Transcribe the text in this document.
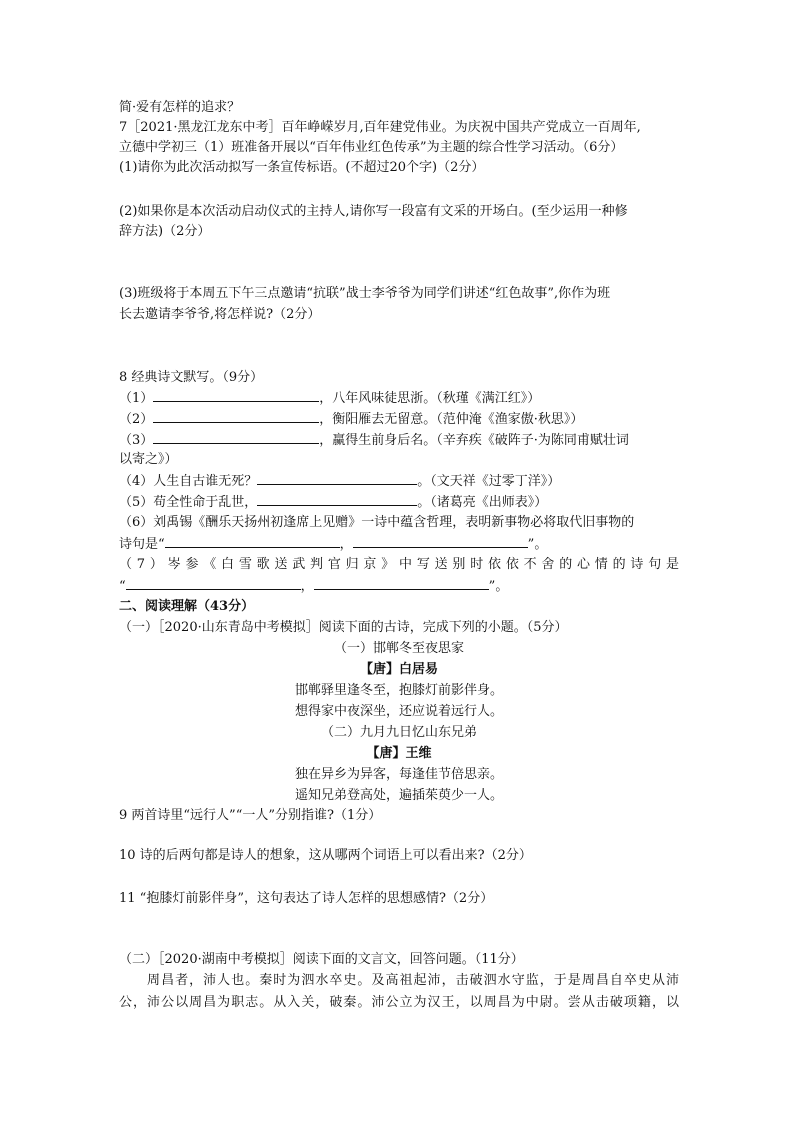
简·爱有怎样的追求？
7［2021·黑龙江龙东中考］百年峥嵘岁月,百年建党伟业。为庆祝中国共产党成立一百周年,
立德中学初三（1）班准备开展以“百年伟业红色传承”为主题的综合性学习活动。（6分）
(1)请你为此次活动拟写一条宣传标语。(不超过20个字)（2分）
(2)如果你是本次活动启动仪式的主持人,请你写一段富有文采的开场白。(至少运用一种修
辞方法)（2分）
(3)班级将于本周五下午三点邀请“抗联”战士李爷爷为同学们讲述“红色故事”,你作为班
长去邀请李爷爷,将怎样说?（2分）
8 经典诗文默写。（9分）
（1）	，八年风味徒思浙。（秋瑾《满江红》）
（2）	，衡阳雁去无留意。（范仲淹《渔家傲·秋思》）
（3）	，赢得生前身后名。（辛弃疾《破阵子·为陈同甫赋壮词
以寄之》）
（4）人生自古谁无死？	。（文天祥《过零丁洋》）
（5）苟全性命于乱世，	。（诸葛亮《出师表》）
（6）刘禹锡《酬乐天扬州初逢席上见赠》一诗中蕴含哲理，表明新事物必将取代旧事物的
诗句是“	，	”。
（7）岑参《白雪歌送武判官归京》中写送别时依依不舍的心情的诗句是
“	，	”。
二、阅读理解（43分）
（一）［2020·山东青岛中考模拟］阅读下面的古诗，完成下列的小题。（5分）
（一）邯郸冬至夜思家
【唐】白居易
邯郸驿里逢冬至，抱膝灯前影伴身。
想得家中夜深坐，还应说着远行人。
（二）九月九日忆山东兄弟
【唐】王维
独在异乡为异客，每逢佳节倍思亲。
遥知兄弟登高处，遍插茱萸少一人。
9 两首诗里“远行人”“一人”分别指谁?（1分）
10 诗的后两句都是诗人的想象，这从哪两个词语上可以看出来?（2分）
11 “抱膝灯前影伴身”，这句表达了诗人怎样的思想感情?（2分）
（二）［2020·湖南中考模拟］阅读下面的文言文，回答问题。（11分）
　　周昌者，沛人也。秦时为泗水卒史。及高祖起沛，击破泗水守监，于是周昌自卒史从沛
公，沛公以周昌为职志。从入关，破秦。沛公立为汉王，以周昌为中尉。尝从击破项籍，以
